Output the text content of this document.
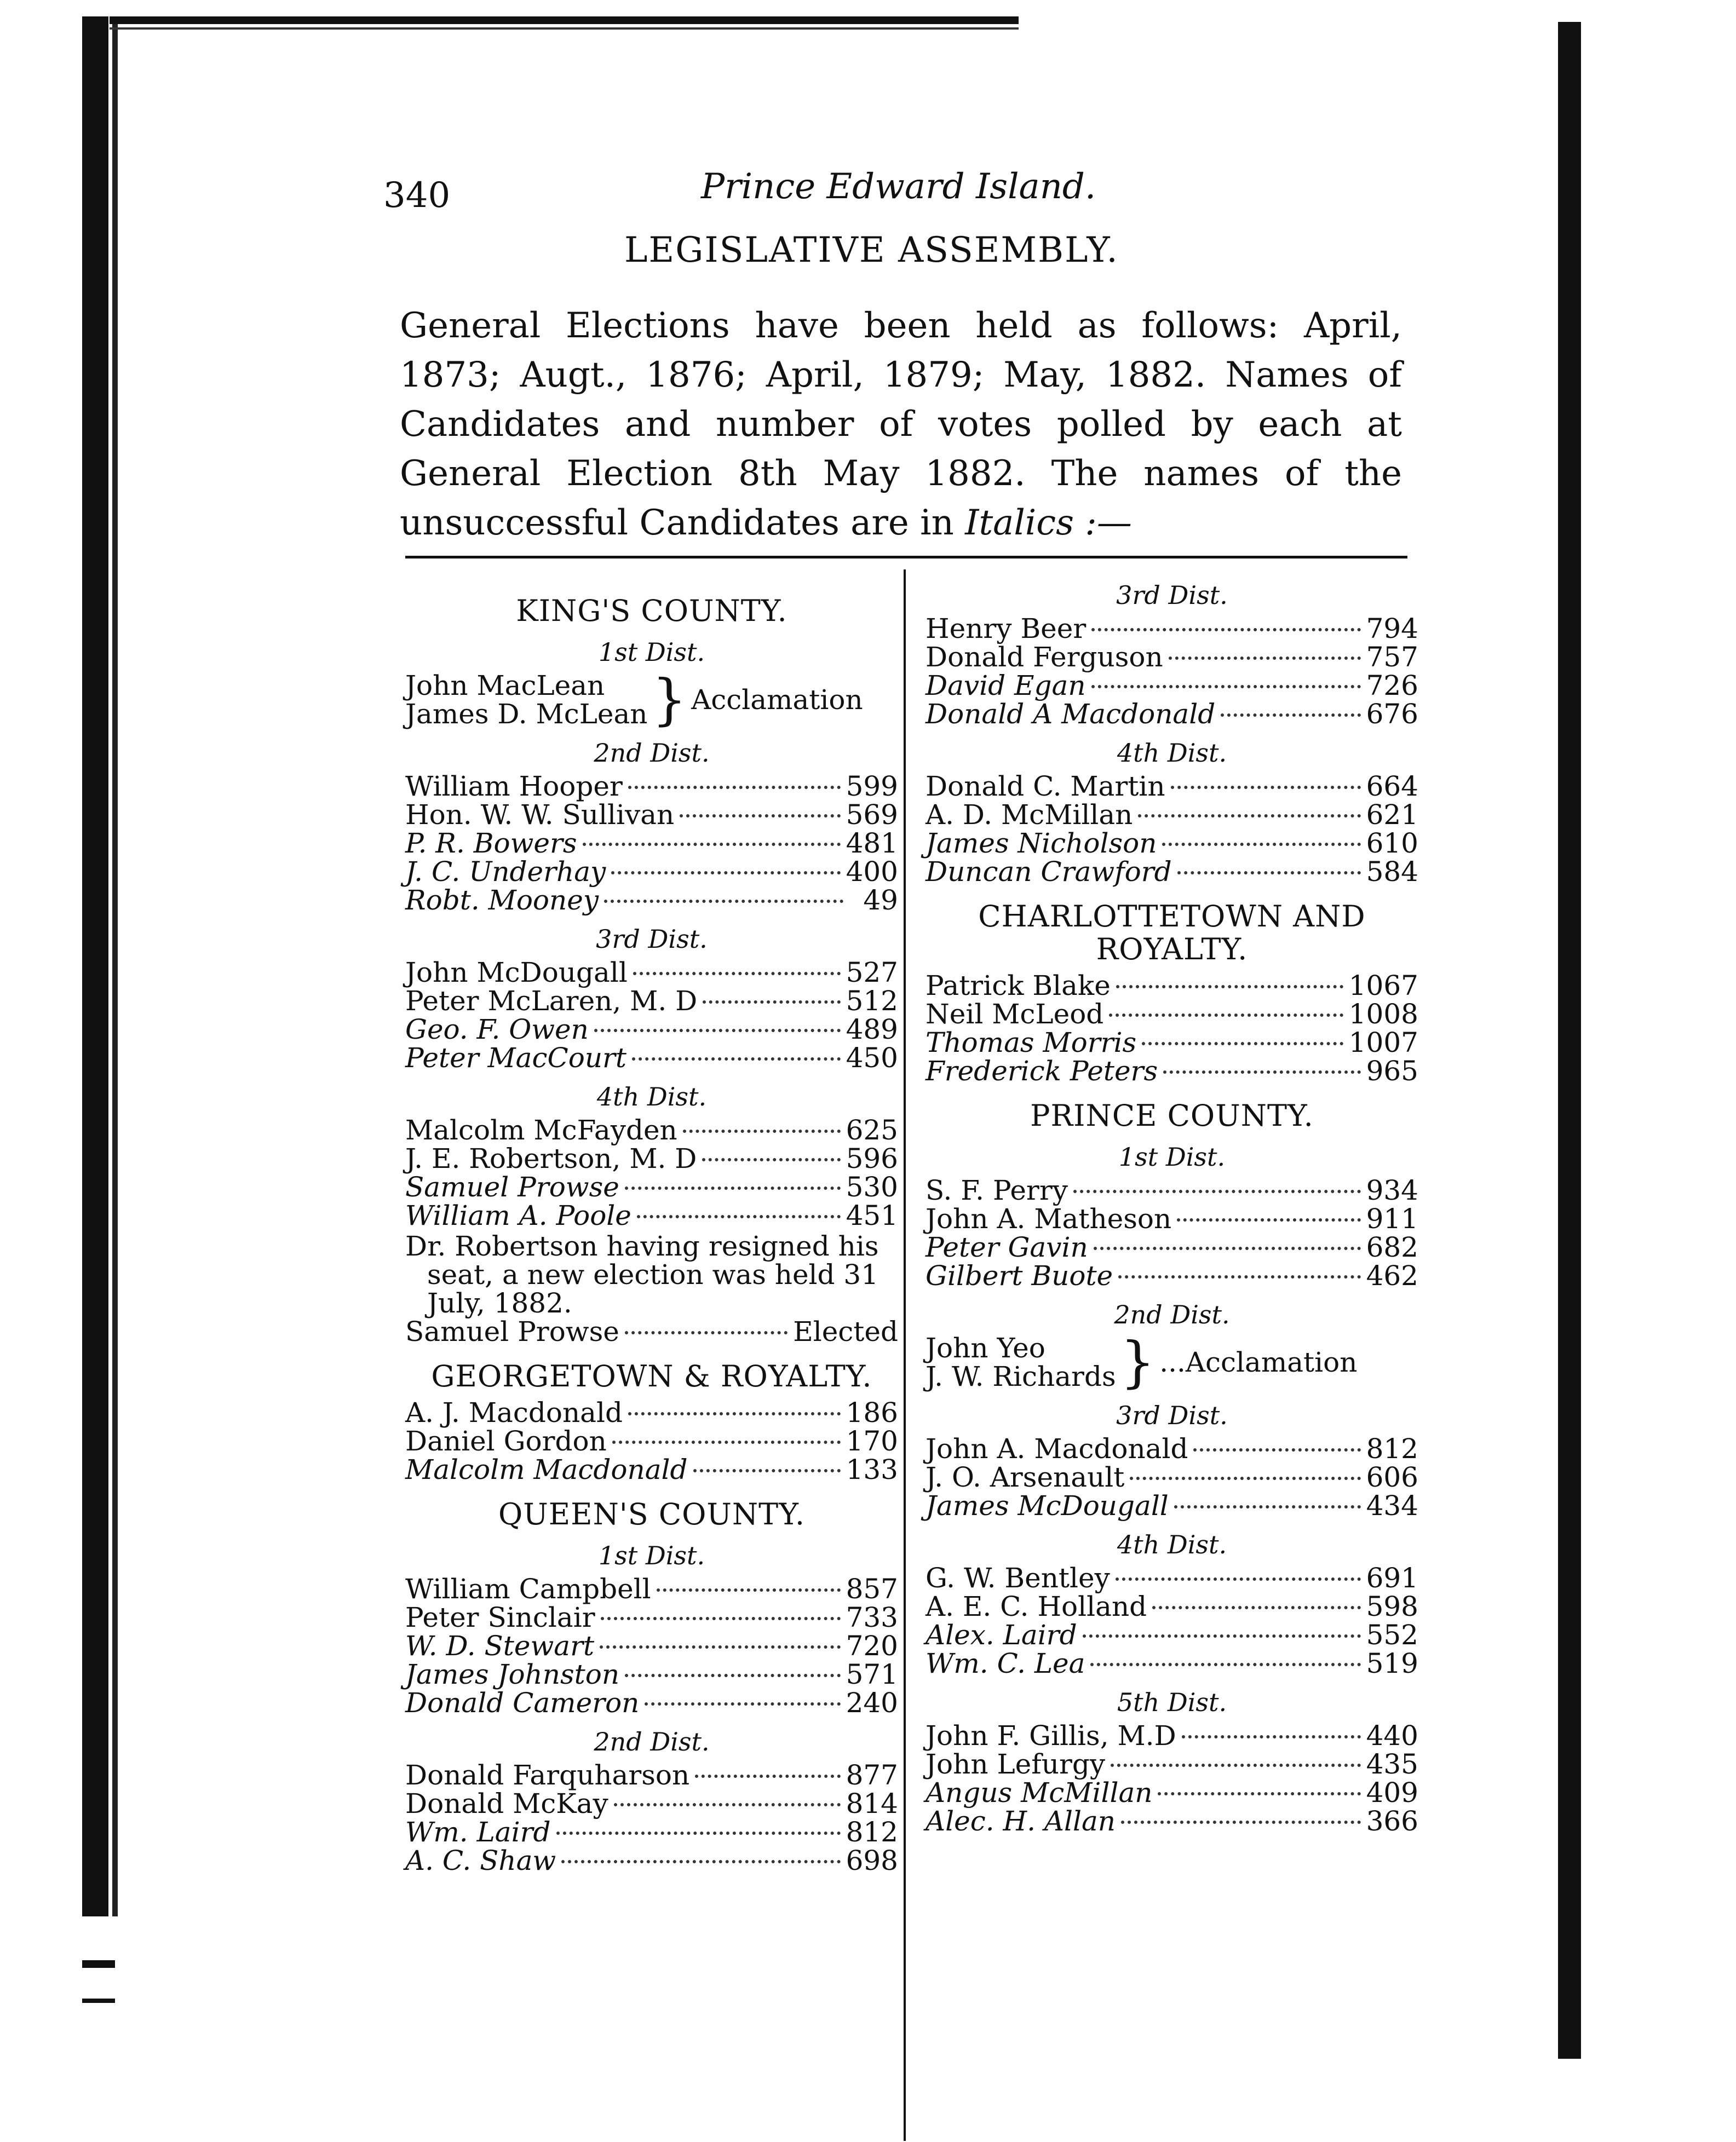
340	Prince Edward Island.
LEGISLATIVE ASSEMBLY.

General Elections have been held as follows: April, 1873; Augt., 1876; April, 1879; May, 1882. Names of Candidates and number of votes polled by each at General Election 8th May 1882. The names of the unsuccessful Candidates are in Italics :—

KING'S COUNTY.
1st Dist.
John MacLean
James D. McLean } Acclamation
2nd Dist.
William Hooper	599
Hon. W. W. Sullivan	569
P. R. Bowers	481
J. C. Underhay	400
Robt. Mooney	49
3rd Dist.
John McDougall	527
Peter McLaren, M. D	512
Geo. F. Owen	489
Peter MacCourt	450
4th Dist.
Malcolm McFayden	625
J. E. Robertson, M. D	596
Samuel Prowse	530
William A. Poole	451

Dr. Robertson having resigned his seat, a new election was held 31 July, 1882.

Samuel Prowse	Elected
GEORGETOWN & ROYALTY.
A. J. Macdonald	186
Daniel Gordon	170
Malcolm Macdonald	133
QUEEN'S COUNTY.
1st Dist.
William Campbell	857
Peter Sinclair	733
W. D. Stewart	720
James Johnston	571
Donald Cameron	240
2nd Dist.
Donald Farquharson	877
Donald McKay	814
Wm. Laird	812
A. C. Shaw	698
3rd Dist.
Henry Beer	794
Donald Ferguson	757
David Egan	726
Donald A Macdonald	676
4th Dist.
Donald C. Martin	664
A. D. McMillan	621
James Nicholson	610
Duncan Crawford	584
CHARLOTTETOWN AND ROYALTY.
Patrick Blake	1067
Neil McLeod	1008
Thomas Morris	1007
Frederick Peters	965
PRINCE COUNTY.
1st Dist.
S. F. Perry	934
John A. Matheson	911
Peter Gavin	682
Gilbert Buote	462
2nd Dist.
John Yeo
J. W. Richards } ...Acclamation
3rd Dist.
John A. Macdonald	812
J. O. Arsenault	606
James McDougall	434
4th Dist.
G. W. Bentley	691
A. E. C. Holland	598
Alex. Laird	552
Wm. C. Lea	519
5th Dist.
John F. Gillis, M.D	440
John Lefurgy	435
Angus McMillan	409
Alec. H. Allan	366
